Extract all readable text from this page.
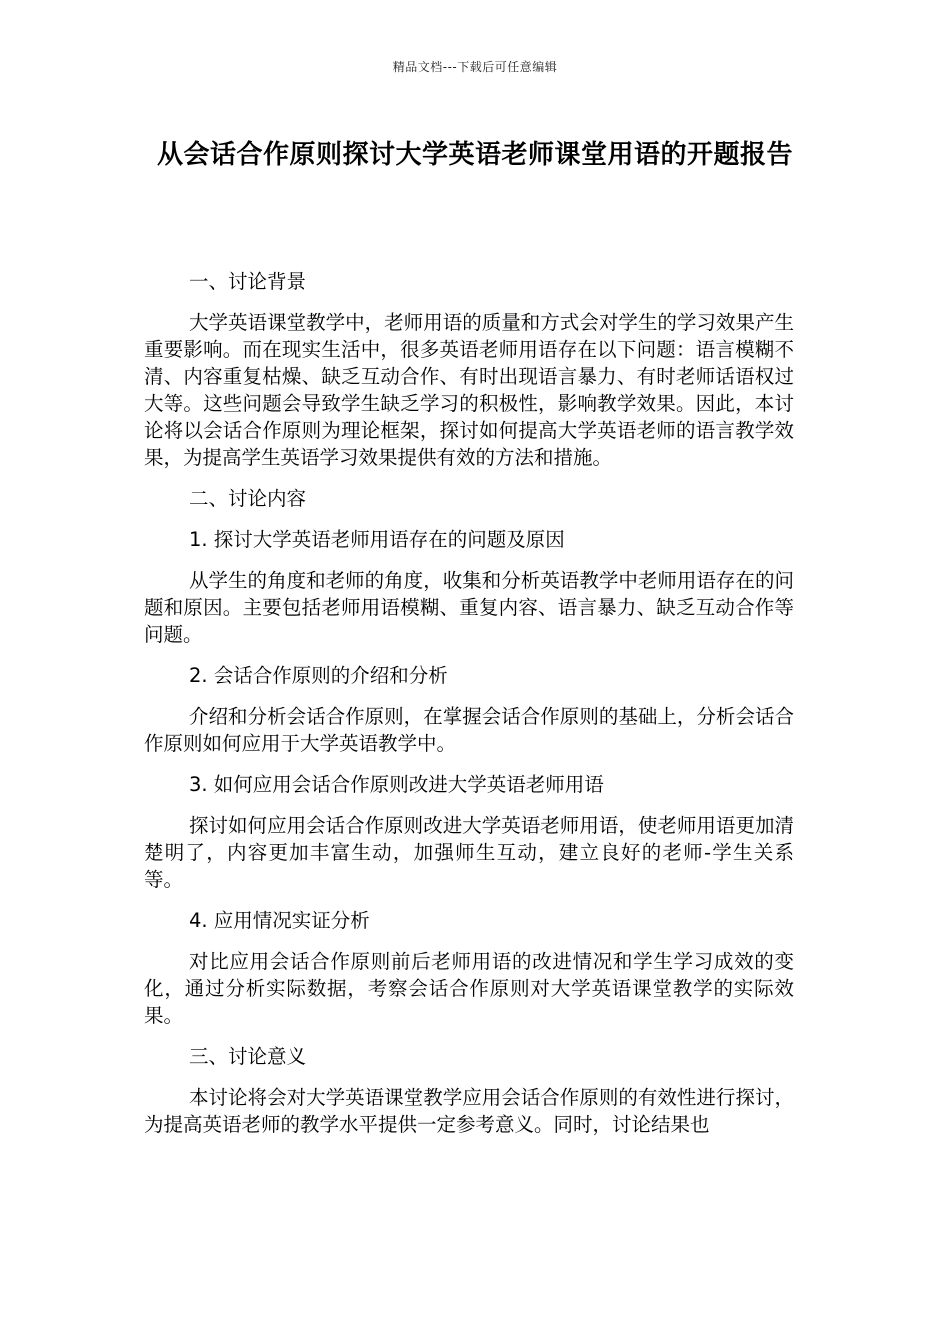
精品文档---下载后可任意编辑
从会话合作原则探讨大学英语老师课堂用语的开题报告

一、讨论背景

大学英语课堂教学中，老师用语的质量和方式会对学生的学习效果产生重要影响。而在现实生活中，很多英语老师用语存在以下问题：语言模糊不清、内容重复枯燥、缺乏互动合作、有时出现语言暴力、有时老师话语权过大等。这些问题会导致学生缺乏学习的积极性，影响教学效果。因此，本讨论将以会话合作原则为理论框架，探讨如何提高大学英语老师的语言教学效果，为提高学生英语学习效果提供有效的方法和措施。

二、讨论内容

1. 探讨大学英语老师用语存在的问题及原因

从学生的角度和老师的角度，收集和分析英语教学中老师用语存在的问题和原因。主要包括老师用语模糊、重复内容、语言暴力、缺乏互动合作等问题。

2. 会话合作原则的介绍和分析

介绍和分析会话合作原则，在掌握会话合作原则的基础上，分析会话合作原则如何应用于大学英语教学中。

3. 如何应用会话合作原则改进大学英语老师用语

探讨如何应用会话合作原则改进大学英语老师用语，使老师用语更加清楚明了，内容更加丰富生动，加强师生互动，建立良好的老师-学生关系等。

4. 应用情况实证分析

对比应用会话合作原则前后老师用语的改进情况和学生学习成效的变化，通过分析实际数据，考察会话合作原则对大学英语课堂教学的实际效果。

三、讨论意义

本讨论将会对大学英语课堂教学应用会话合作原则的有效性进行探讨，为提高英语老师的教学水平提供一定参考意义。同时，讨论结果也
